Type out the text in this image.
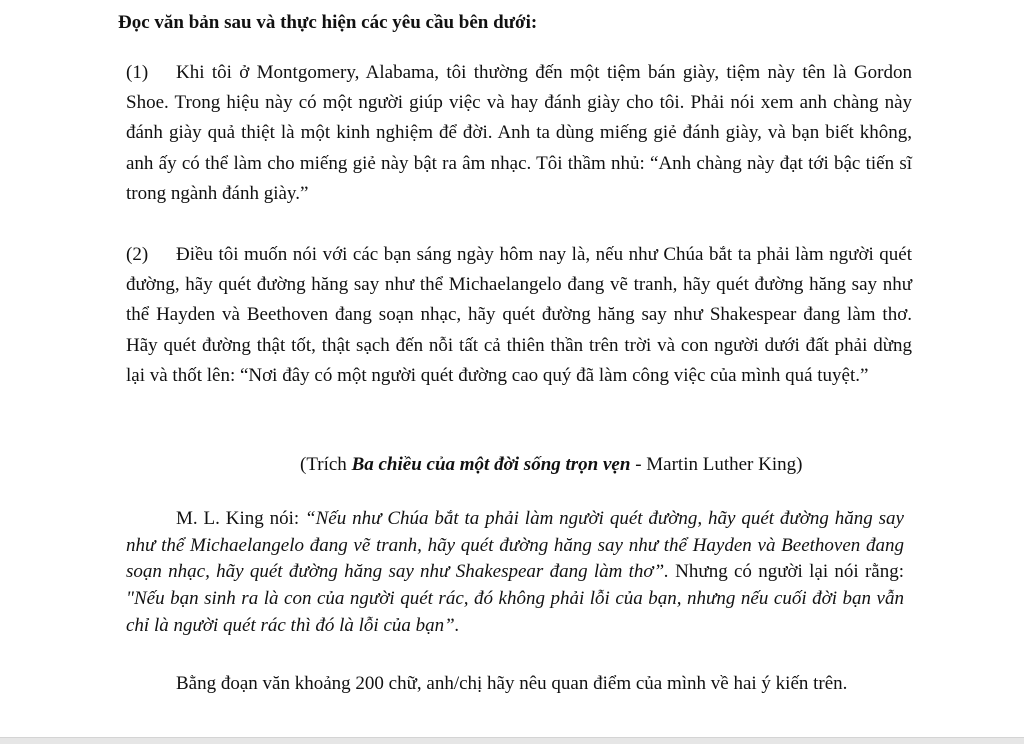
Đọc văn bản sau và thực hiện các yêu cầu bên dưới:
(1) Khi tôi ở Montgomery, Alabama, tôi thường đến một tiệm bán giày, tiệm này tên là Gordon Shoe. Trong hiệu này có một người giúp việc và hay đánh giày cho tôi. Phải nói xem anh chàng này đánh giày quả thiệt là một kinh nghiệm để đời. Anh ta dùng miếng giẻ đánh giày, và bạn biết không, anh ấy có thể làm cho miếng giẻ này bật ra âm nhạc. Tôi thầm nhủ: “Anh chàng này đạt tới bậc tiến sĩ trong ngành đánh giày.”
(2) Điều tôi muốn nói với các bạn sáng ngày hôm nay là, nếu như Chúa bắt ta phải làm người quét đường, hãy quét đường hăng say như thể Michaelangelo đang vẽ tranh, hãy quét đường hăng say như thể Hayden và Beethoven đang soạn nhạc, hãy quét đường hăng say như Shakespear đang làm thơ. Hãy quét đường thật tốt, thật sạch đến nỗi tất cả thiên thần trên trời và con người dưới đất phải dừng lại và thốt lên: “Nơi đây có một người quét đường cao quý đã làm công việc của mình quá tuyệt.”
(Trích Ba chiều của một đời sống trọn vẹn - Martin Luther King)
M. L. King nói: “Nếu như Chúa bắt ta phải làm người quét đường, hãy quét đường hăng say như thể Michaelangelo đang vẽ tranh, hãy quét đường hăng say như thể Hayden và Beethoven đang soạn nhạc, hãy quét đường hăng say như Shakespear đang làm thơ”. Nhưng có người lại nói rằng: "Nếu bạn sinh ra là con của người quét rác, đó không phải lỗi của bạn, nhưng nếu cuối đời bạn vẫn chỉ là người quét rác thì đó là lỗi của bạn”.
Bằng đoạn văn khoảng 200 chữ, anh/chị hãy nêu quan điểm của mình về hai ý kiến trên.
